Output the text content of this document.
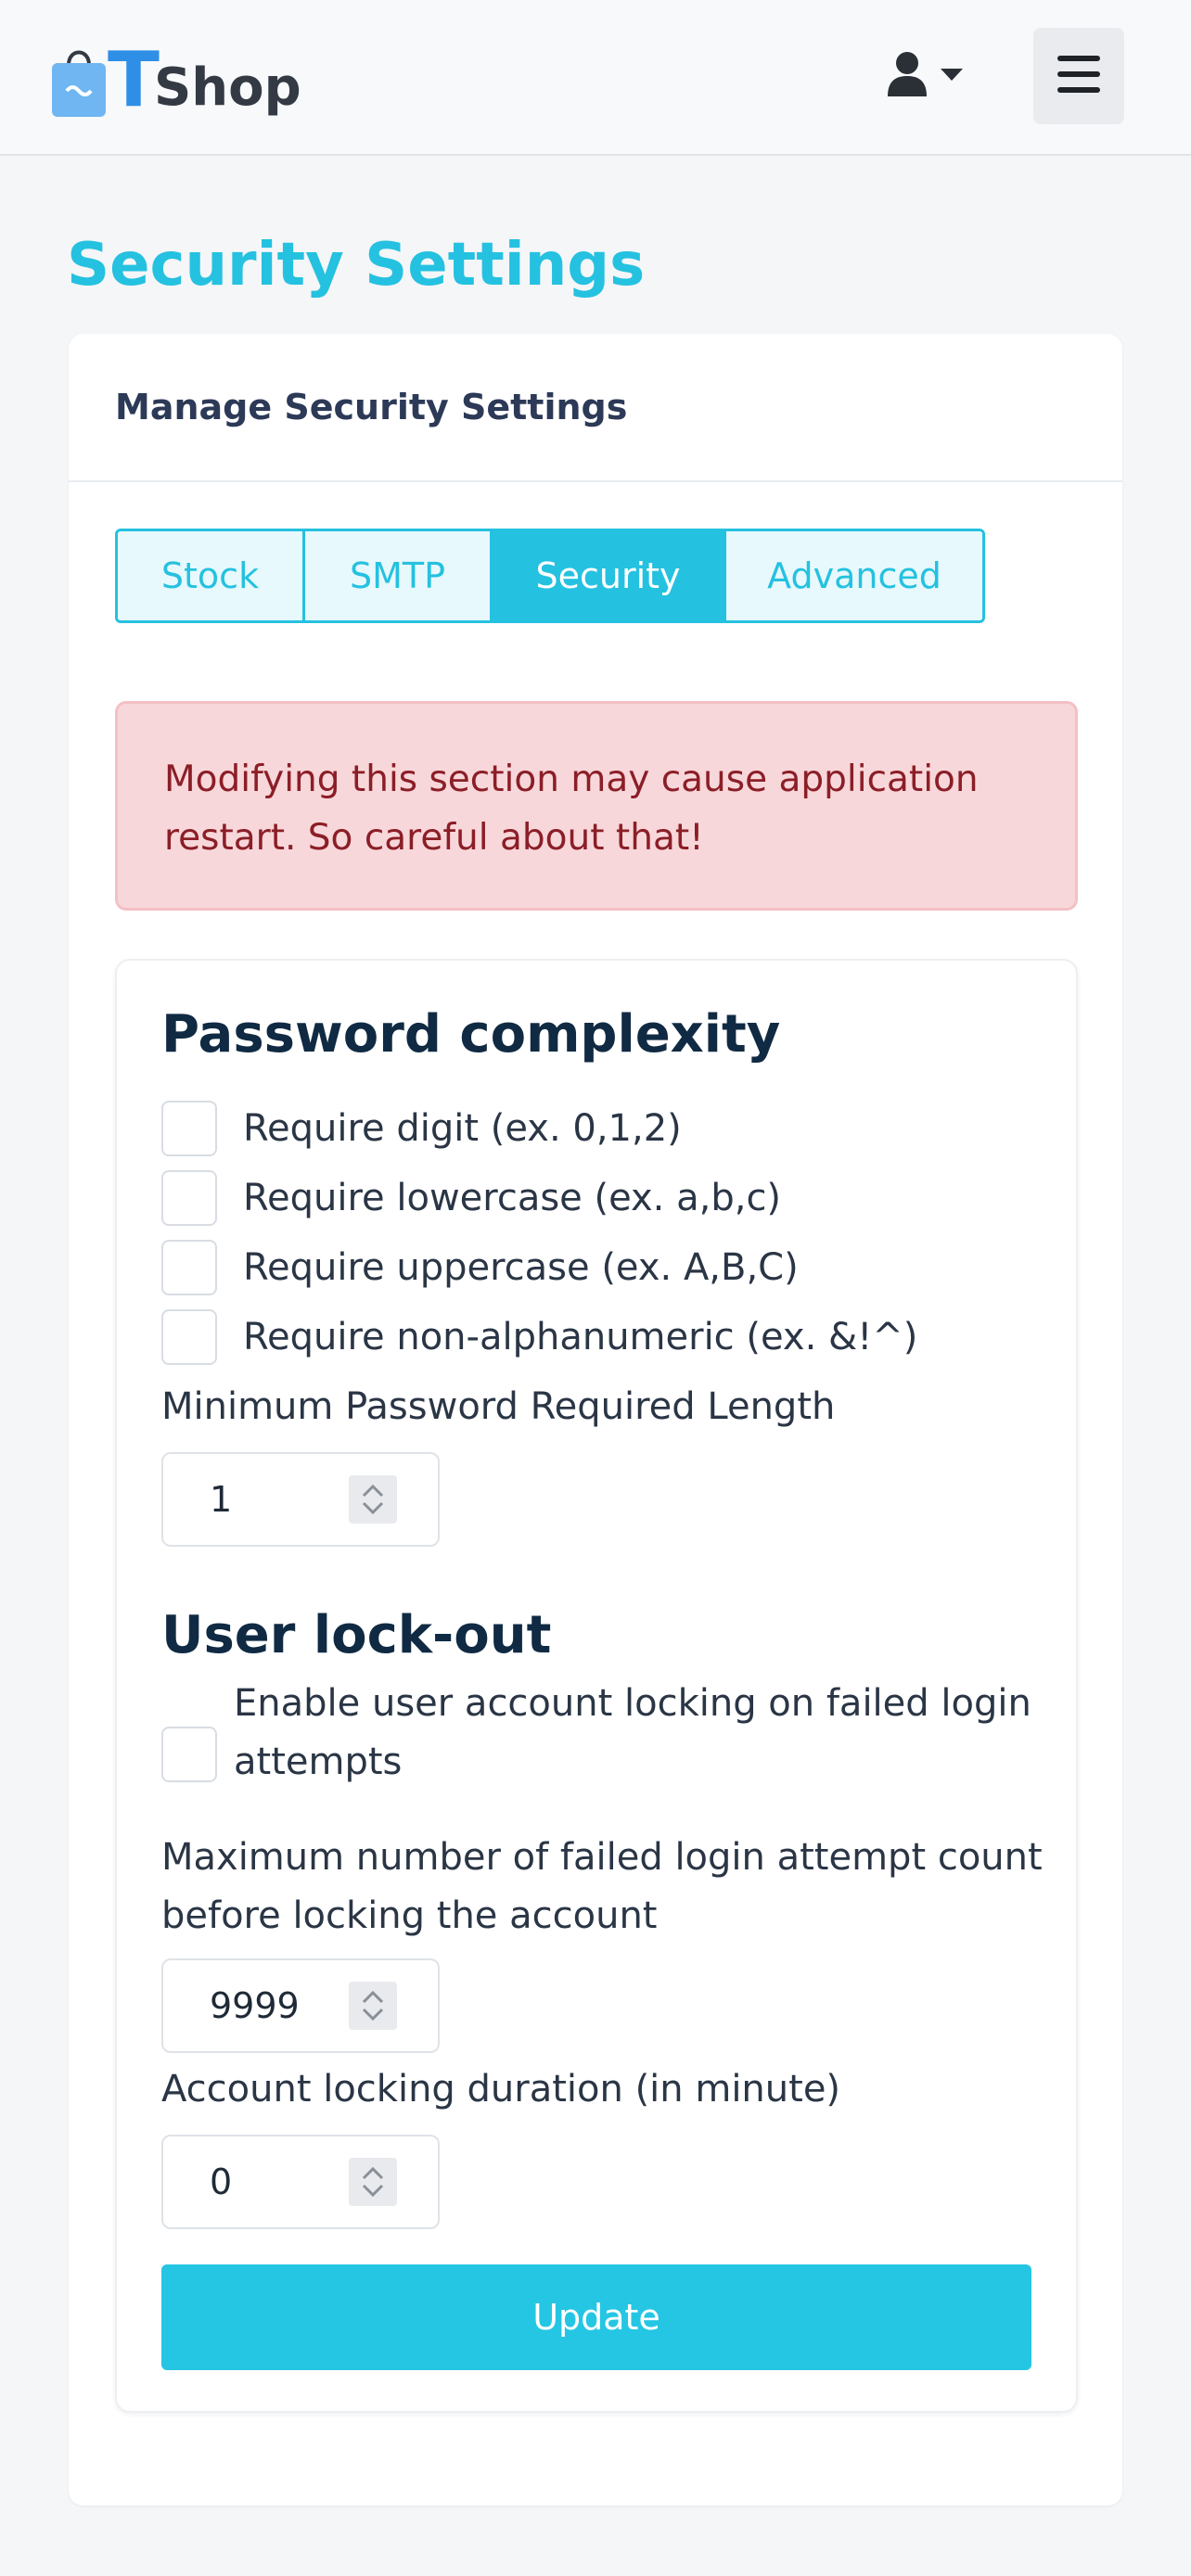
T
Shop
Security Settings
Manage Security Settings
Stock	SMTP	Security	Advanced
Modifying this section may cause application restart. So careful about that!
Password complexity
Require digit (ex. 0,1,2)
Require lowercase (ex. a,b,c)
Require uppercase (ex. A,B,C)
Require non-alphanumeric (ex. &!^)
Minimum Password Required Length
1
User lock-out
Enable user account locking on failed login attempts
Maximum number of failed login attempt count before locking the account
9999
Account locking duration (in minute)
0
Update
